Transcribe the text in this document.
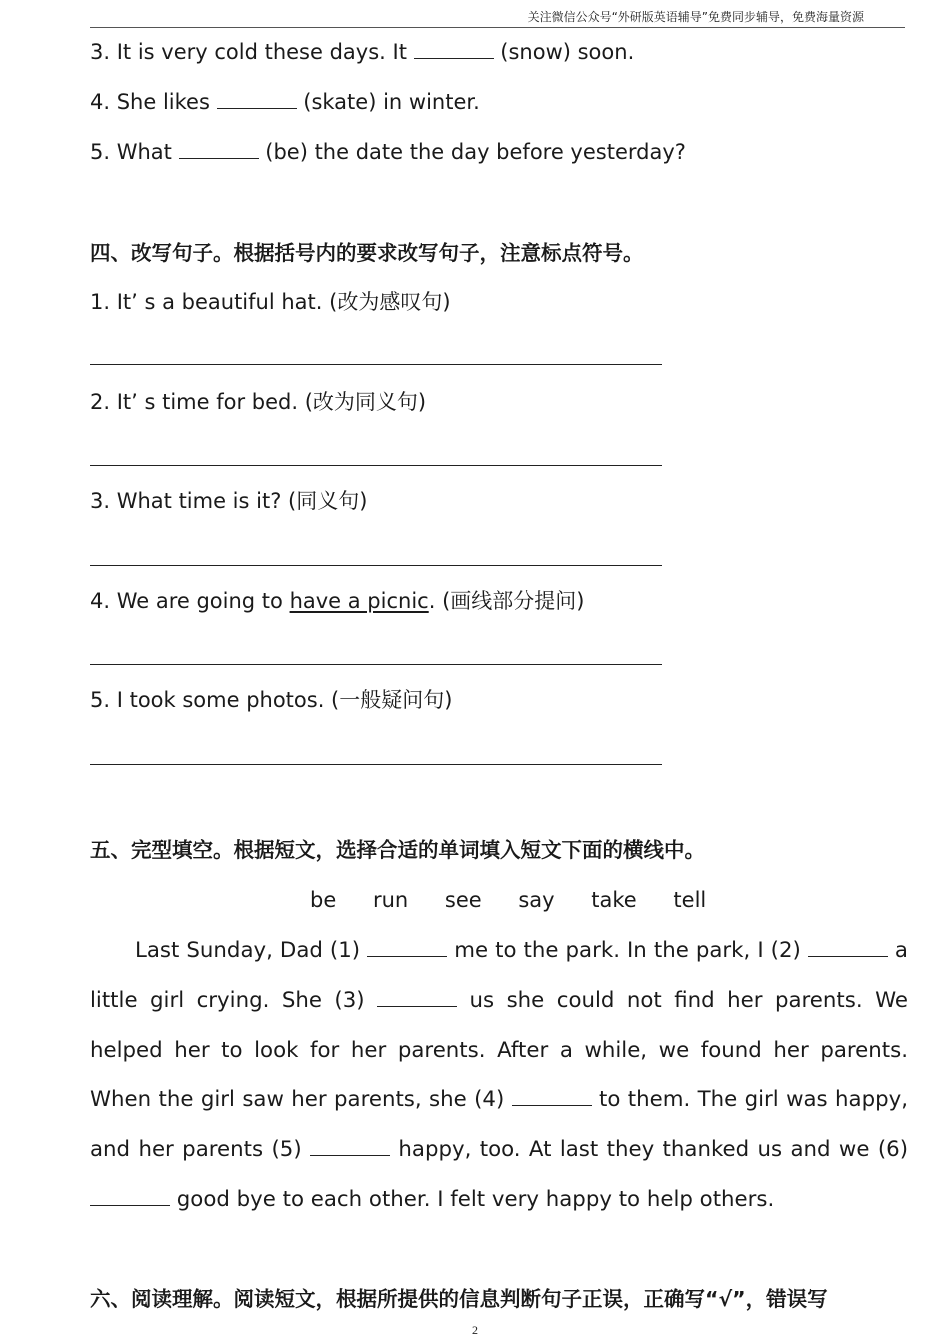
关注微信公众号“外研版英语辅导”免费同步辅导，免费海量资源
3. It is very cold these days. It	(snow) soon.
4. She likes	(skate) in winter.
5. What	(be) the date the day before yesterday?
四、改写句子。根据括号内的要求改写句子，注意标点符号。
1. It’ s a beautiful hat. (改为感叹句)
2. It’ s time for bed. (改为同义句)
3. What time is it? (同义句)
4. We are going to have a picnic. (画线部分提问)
5. I took some photos. (一般疑问句)
五、完型填空。根据短文，选择合适的单词填入短文下面的横线中。
be run see say take tell
Last Sunday, Dad (1)	me to the park. In the park, I (2)	a little girl crying. She (3)	us she could not find her parents. We helped her to look for her parents. After a while, we found her parents. When the girl saw her parents, she (4)	to them. The girl was happy, and her parents (5)	happy, too. At last they thanked us and we (6)  good bye to each other. I felt very happy to help others.
六、阅读理解。阅读短文，根据所提供的信息判断句子正误，正确写“√”，错误写
2
